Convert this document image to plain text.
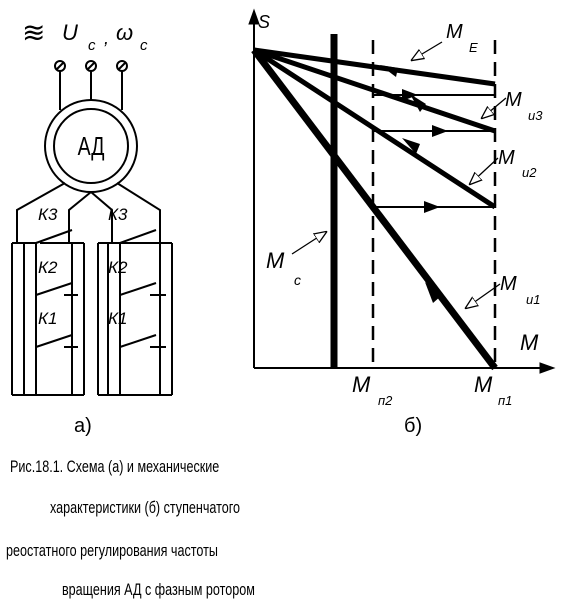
≋ U
c , ω
c
АД
К3	К3
К2	К2
К1	К1
а)
S
M
M
E
M
и3
M
и2
M
и1
M
c
M
п2
M
п1
б)
Рис.18.1. Схема (а) и механические
характеристики (б) ступенчатого
реостатного регулирования частоты
вращения АД с фазным ротором
